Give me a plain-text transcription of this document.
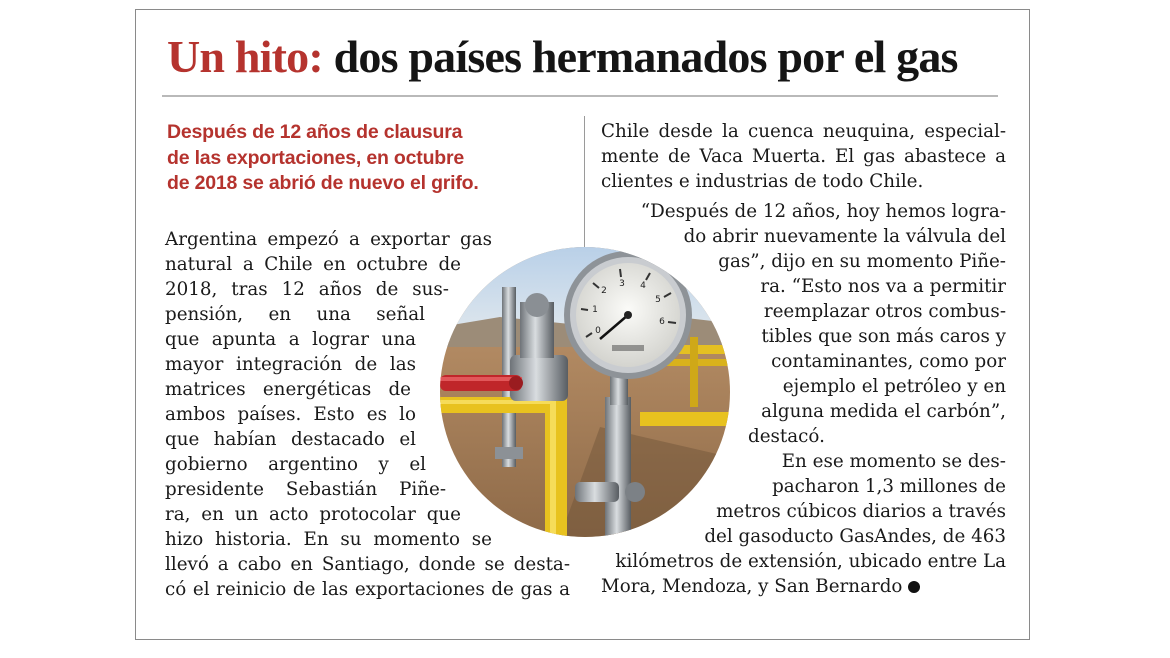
Un hito: dos países hermanados por el gas
Después de 12 años de clausura
de las exportaciones, en octubre
de 2018 se abrió de nuevo el grifo.
Argentina empezó a exportar gas
natural a Chile en octubre de
2018, tras 12 años de sus-
pensión, en una señal
que apunta a lograr una
mayor integración de las
matrices energéticas de
ambos países. Esto es lo
que habían destacado el
gobierno argentino y el
presidente Sebastián Piñe-
ra, en un acto protocolar que
hizo historia. En su momento se
llevó a cabo en Santiago, donde se desta-
có el reinicio de las exportaciones de gas a
Chile desde la cuenca neuquina, especial-
mente de Vaca Muerta. El gas abastece a
clientes e industrias de todo Chile.
“Después de 12 años, hoy hemos logra-
do abrir nuevamente la válvula del
gas”, dijo en su momento Piñe-
ra. “Esto nos va a permitir
reemplazar otros combus-
tibles que son más caros y
contaminantes, como por
ejemplo el petróleo y en
alguna medida el carbón”,
destacó.
En ese momento se des-
pacharon 1,3 millones de
metros cúbicos diarios a través
del gasoducto GasAndes, de 463
kilómetros de extensión, ubicado entre La
Mora, Mendoza, y San Bernardo
0
1
2
3 4
5
6
